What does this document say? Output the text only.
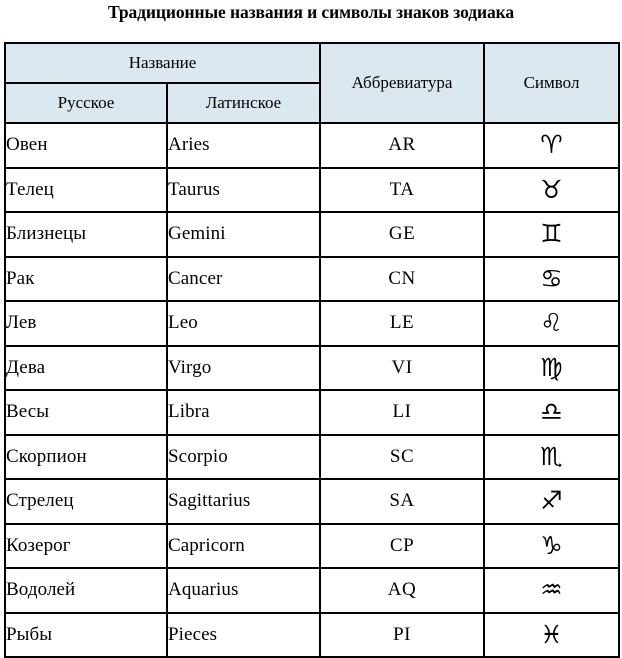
Традиционные названия и символы знаков зодиака
Название		Аббревиатура	Символ
Русское	Латинское		
Овен	Aries	AR	♈
Телец	Taurus	TA	♉
Близнецы	Gemini	GE	♊
Рак	Cancer	CN	♋
Лев	Leo	LE	♌
Дева	Virgo	VI	♍
Весы	Libra	LI	♎
Скорпион	Scorpio	SC	♏
Стрелец	Sagittarius	SA	♐
Козерог	Capricorn	CP	♑
Водолей	Aquarius	AQ	♒
Рыбы	Pieces	PI	♓
